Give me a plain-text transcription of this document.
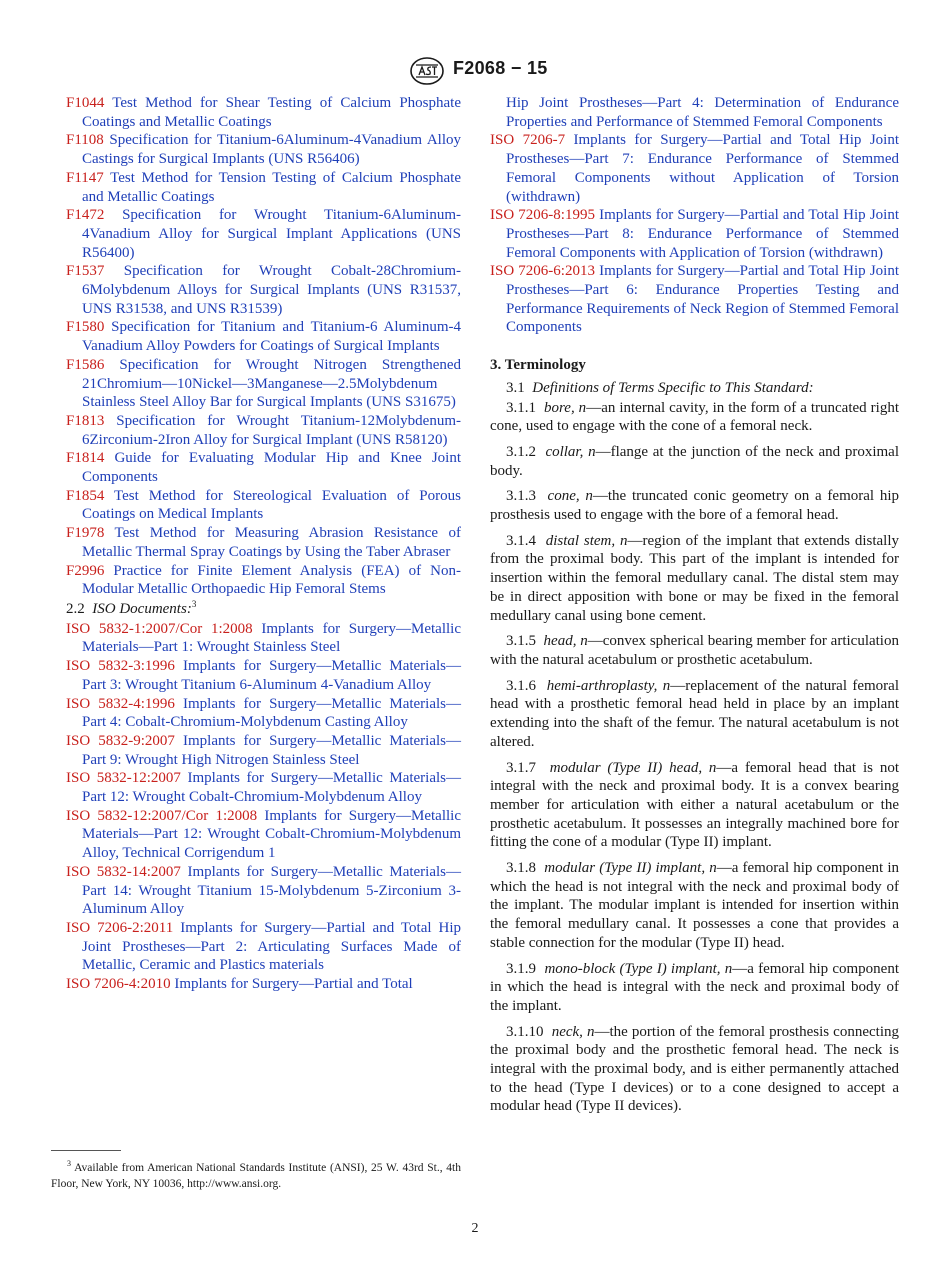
F2068 − 15

F1044 Test Method for Shear Testing of Calcium Phosphate Coatings and Metallic Coatings

F1108 Specification for Titanium-6Aluminum-4Vanadium Alloy Castings for Surgical Implants (UNS R56406)

F1147 Test Method for Tension Testing of Calcium Phosphate and Metallic Coatings

F1472 Specification for Wrought Titanium-6Aluminum-4Vanadium Alloy for Surgical Implant Applications (UNS R56400)

F1537 Specification for Wrought Cobalt-28Chromium-6Molybdenum Alloys for Surgical Implants (UNS R31537, UNS R31538, and UNS R31539)

F1580 Specification for Titanium and Titanium-6 Aluminum-4 Vanadium Alloy Powders for Coatings of Surgical Implants

F1586 Specification for Wrought Nitrogen Strengthened 21Chromium—10Nickel—3Manganese—2.5Molybdenum Stainless Steel Alloy Bar for Surgical Implants (UNS S31675)

F1813 Specification for Wrought Titanium-12Molybdenum-6Zirconium-2Iron Alloy for Surgical Implant (UNS R58120)

F1814 Guide for Evaluating Modular Hip and Knee Joint Components

F1854 Test Method for Stereological Evaluation of Porous Coatings on Medical Implants

F1978 Test Method for Measuring Abrasion Resistance of Metallic Thermal Spray Coatings by Using the Taber Abraser

F2996 Practice for Finite Element Analysis (FEA) of Non-Modular Metallic Orthopaedic Hip Femoral Stems

2.2 ISO Documents:$^3$

ISO 5832-1:2007/Cor 1:2008 Implants for Surgery—Metallic Materials—Part 1: Wrought Stainless Steel

ISO 5832-3:1996 Implants for Surgery—Metallic Materials—Part 3: Wrought Titanium 6-Aluminum 4-Vanadium Alloy

ISO 5832-4:1996 Implants for Surgery—Metallic Materials—Part 4: Cobalt-Chromium-Molybdenum Casting Alloy

ISO 5832-9:2007 Implants for Surgery—Metallic Materials—Part 9: Wrought High Nitrogen Stainless Steel

ISO 5832-12:2007 Implants for Surgery—Metallic Materials—Part 12: Wrought Cobalt-Chromium-Molybdenum Alloy

ISO 5832-12:2007/Cor 1:2008 Implants for Surgery—Metallic Materials—Part 12: Wrought Cobalt-Chromium-Molybdenum Alloy, Technical Corrigendum 1

ISO 5832-14:2007 Implants for Surgery—Metallic Materials—Part 14: Wrought Titanium 15-Molybdenum 5-Zirconium 3-Aluminum Alloy

ISO 7206-2:2011 Implants for Surgery—Partial and Total Hip Joint Prostheses—Part 2: Articulating Surfaces Made of Metallic, Ceramic and Plastics materials

ISO 7206-4:2010 Implants for Surgery—Partial and Total

Hip Joint Prostheses—Part 4: Determination of Endurance Properties and Performance of Stemmed Femoral Components

ISO 7206-7 Implants for Surgery—Partial and Total Hip Joint Prostheses—Part 7: Endurance Performance of Stemmed Femoral Components without Application of Torsion (withdrawn)

ISO 7206-8:1995 Implants for Surgery—Partial and Total Hip Joint Prostheses—Part 8: Endurance Performance of Stemmed Femoral Components with Application of Torsion (withdrawn)

ISO 7206-6:2013 Implants for Surgery—Partial and Total Hip Joint Prostheses—Part 6: Endurance Properties Testing and Performance Requirements of Neck Region of Stemmed Femoral Components

3. Terminology

3.1 Definitions of Terms Specific to This Standard:

3.1.1 bore, n—an internal cavity, in the form of a truncated right cone, used to engage with the cone of a femoral neck.

3.1.2 collar, n—flange at the junction of the neck and proximal body.

3.1.3 cone, n—the truncated conic geometry on a femoral hip prosthesis used to engage with the bore of a femoral head.

3.1.4 distal stem, n—region of the implant that extends distally from the proximal body. This part of the implant is intended for insertion within the femoral medullary canal. The distal stem may be in direct apposition with bone or may be fixed in the femoral medullary canal using bone cement.

3.1.5 head, n—convex spherical bearing member for articulation with the natural acetabulum or prosthetic acetabulum.

3.1.6 hemi-arthroplasty, n—replacement of the natural femoral head with a prosthetic femoral head held in place by an implant extending into the shaft of the femur. The natural acetabulum is not altered.

3.1.7 modular (Type II) head, n—a femoral head that is not integral with the neck and proximal body. It is a convex bearing member for articulation with either a natural acetabulum or the prosthetic acetabulum. It possesses an integrally machined bore for fitting the cone of a modular (Type II) implant.

3.1.8 modular (Type II) implant, n—a femoral hip component in which the head is not integral with the neck and proximal body of the implant. The modular implant is intended for insertion within the femoral medullary canal. It possesses a cone that provides a stable connection for the modular (Type II) head.

3.1.9 mono-block (Type I) implant, n—a femoral hip component in which the head is integral with the neck and proximal body of the implant.

3.1.10 neck, n—the portion of the femoral prosthesis connecting the proximal body and the prosthetic femoral head. The neck is integral with the proximal body, and is either permanently attached to the head (Type I devices) or to a cone designed to accept a modular head (Type II devices).

$^3$ Available from American National Standards Institute (ANSI), 25 W. 43rd St., 4th Floor, New York, NY 10036, http://www.ansi.org.
2
